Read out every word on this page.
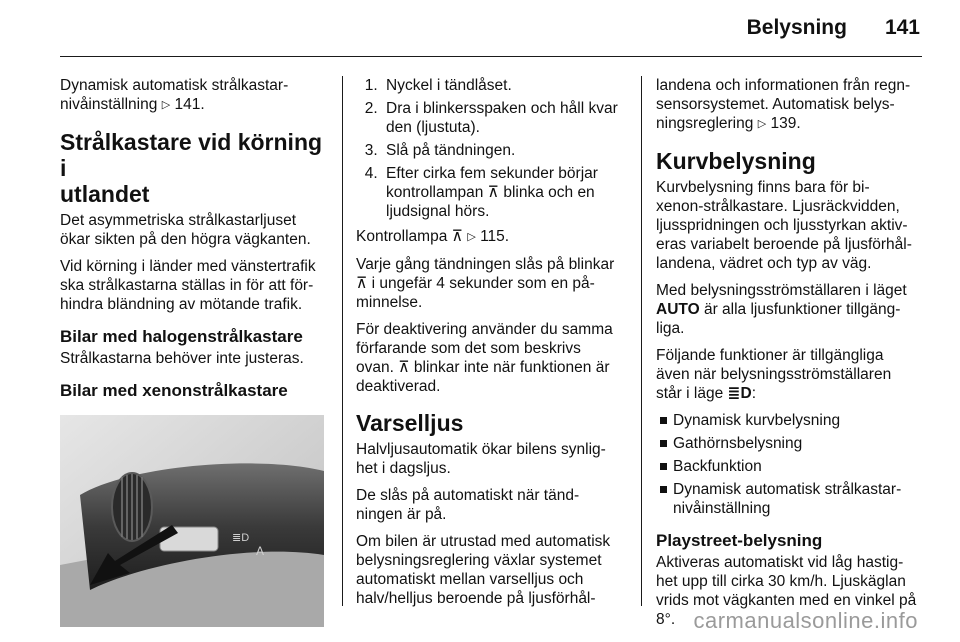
Belysning 141

Dynamisk automatisk strålkastar-
nivåinställning ▷ 141.

Strålkastare vid körning i
utlandet

Det asymmetriska strålkastarljuset
ökar sikten på den högra vägkanten.

Vid körning i länder med vänstertrafik
ska strålkastarna ställas in för att för-
hindra bländning av mötande trafik.

Bilar med halogenstrålkastare

Strålkastarna behöver inte justeras.

Bilar med xenonstrålkastare
≣D
A
1. Nyckel i tändlåset.
2. Dra i blinkersspaken och håll kvar
den (ljustuta).
3. Slå på tändningen.
4. Efter cirka fem sekunder börjar
kontrollampan ⊼ blinka och en
ljudsignal hörs.

Kontrollampa ⊼ ▷ 115.

Varje gång tändningen slås på blinkar
⊼ i ungefär 4 sekunder som en på-
minnelse.

För deaktivering använder du samma
förfarande som det som beskrivs
ovan. ⊼ blinkar inte när funktionen är
deaktiverad.

Varselljus

Halvljusautomatik ökar bilens synlig-
het i dagsljus.

De slås på automatiskt när tänd-
ningen är på.

Om bilen är utrustad med automatisk
belysningsreglering växlar systemet
automatiskt mellan varselljus och
halv/helljus beroende på ljusförhål-

landena och informationen från regn-
sensorsystemet. Automatisk belys-
ningsreglering ▷ 139.

Kurvbelysning

Kurvbelysning finns bara för bi-
xenon-strålkastare. Ljusräckvidden,
ljusspridningen och ljusstyrkan aktiv-
eras variabelt beroende på ljusförhål-
landena, vädret och typ av väg.

Med belysningsströmställaren i läget
AUTO är alla ljusfunktioner tillgäng-
liga.

Följande funktioner är tillgängliga
även när belysningsströmställaren
står i läge ≣D:

Dynamisk kurvbelysning
Gathörnsbelysning
Backfunktion
Dynamisk automatisk strålkastar-
nivåinställning
Playstreet-belysning

Aktiveras automatiskt vid låg hastig-
het upp till cirka 30 km/h. Ljuskäglan
vrids mot vägkanten med en vinkel på
8°. carmanualsonline.info
